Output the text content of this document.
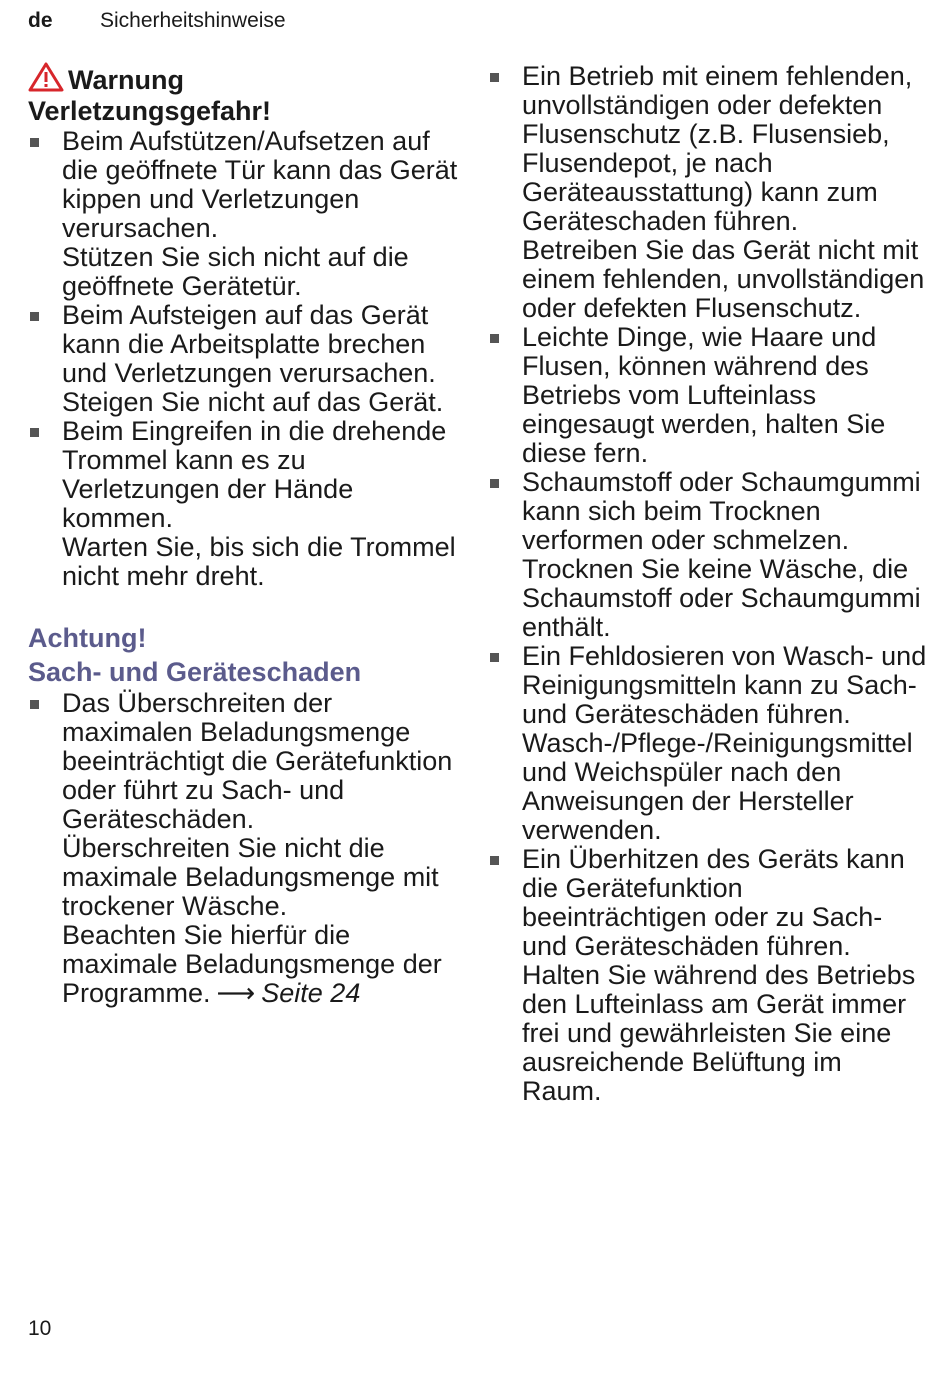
de Sicherheitshinweise

Warnung

Verletzungsgefahr!

Beim Aufstützen/Aufsetzen auf die geöffnete Tür kann das Gerät kippen und Verletzungen verursachen.
Stützen Sie sich nicht auf die geöffnete Gerätetür.
Beim Aufsteigen auf das Gerät kann die Arbeitsplatte brechen und Verletzungen verursachen.
Steigen Sie nicht auf das Gerät.
Beim Eingreifen in die drehende Trommel kann es zu Verletzungen der Hände kommen.
Warten Sie, bis sich die Trommel nicht mehr dreht.

Achtung!

Sach- und Geräteschaden

Das Überschreiten der maximalen Beladungsmenge beeinträchtigt die Gerätefunktion oder führt zu Sach- und Geräteschäden.
Überschreiten Sie nicht die maximale Beladungsmenge mit trockener Wäsche.
Beachten Sie hierfür die maximale Beladungsmenge der Programme. ⟶ Seite 24
Ein Betrieb mit einem fehlenden, unvollständigen oder defekten Flusenschutz (z.B. Flusensieb, Flusendepot, je nach Geräteausstattung) kann zum Geräteschaden führen.
Betreiben Sie das Gerät nicht mit einem fehlenden, unvollständigen oder defekten Flusenschutz.
Leichte Dinge, wie Haare und Flusen, können während des Betriebs vom Lufteinlass eingesaugt werden, halten Sie diese fern.
Schaumstoff oder Schaumgummi kann sich beim Trocknen verformen oder schmelzen.
Trocknen Sie keine Wäsche, die Schaumstoff oder Schaumgummi enthält.
Ein Fehldosieren von Wasch- und Reinigungsmitteln kann zu Sach- und Geräteschäden führen.
Wasch-/Pflege-/Reinigungsmittel und Weichspüler nach den Anweisungen der Hersteller verwenden.
Ein Überhitzen des Geräts kann die Gerätefunktion beeinträchtigen oder zu Sach- und Geräteschäden führen.
Halten Sie während des Betriebs den Lufteinlass am Gerät immer frei und gewährleisten Sie eine ausreichende Belüftung im Raum.
10
